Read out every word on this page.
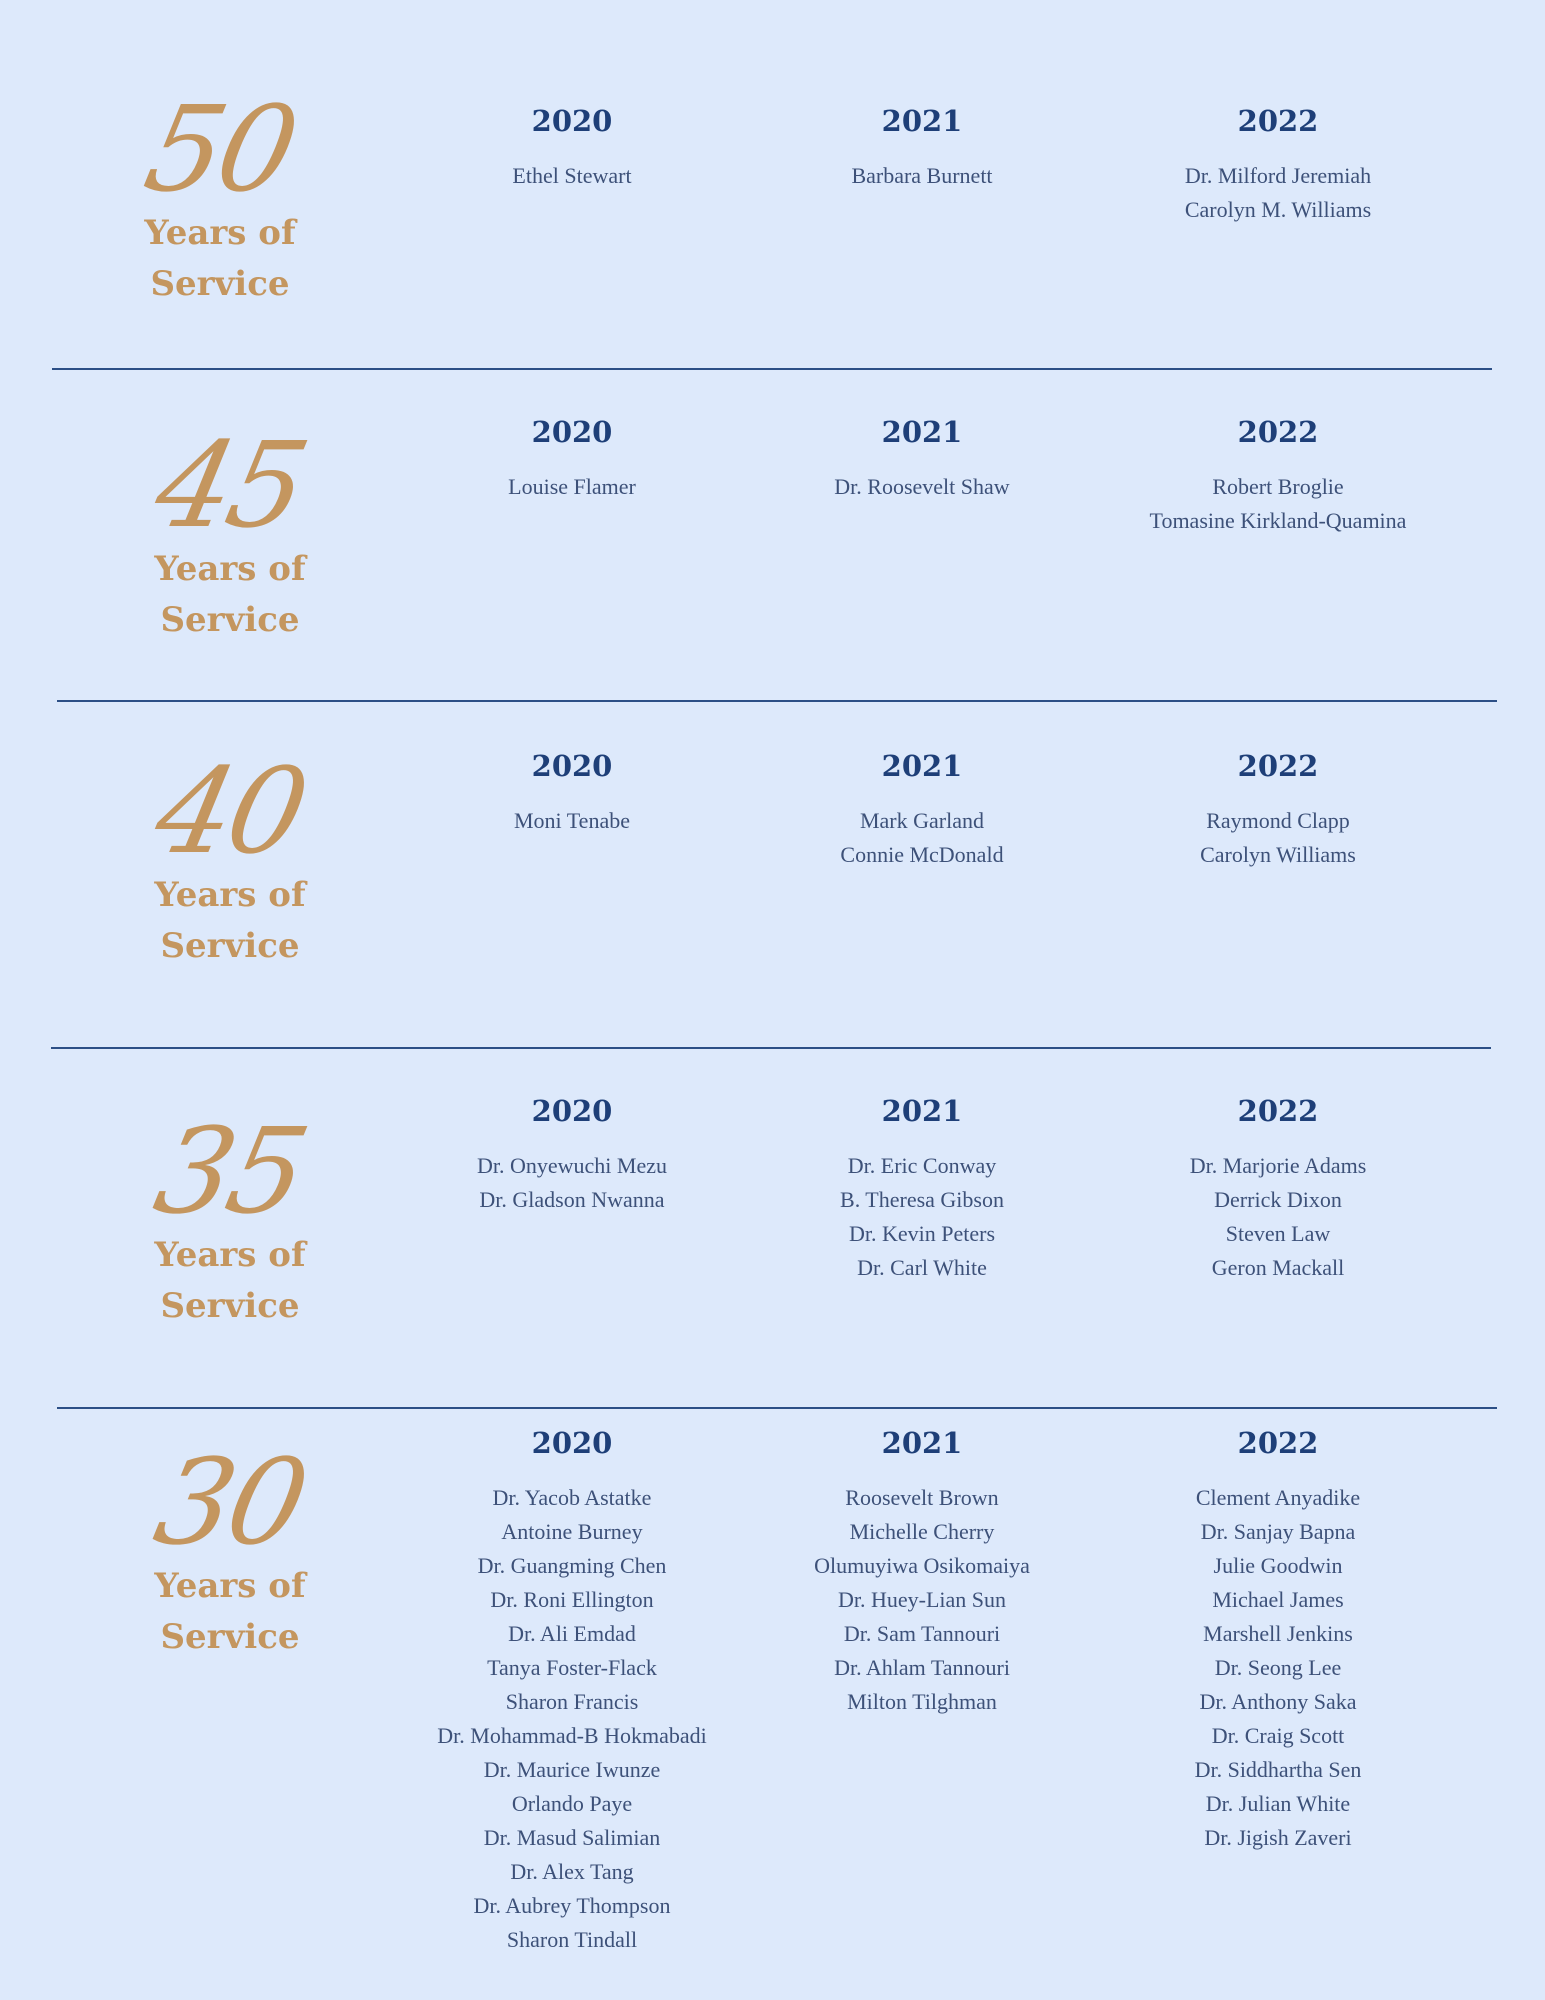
50
Years of Service
2020
Ethel Stewart
2021
Barbara Burnett
2022
Dr. Milford Jeremiah
Carolyn M. Williams
45
Years of Service
2020
Louise Flamer
2021
Dr. Roosevelt Shaw
2022
Robert Broglie
Tomasine Kirkland-Quamina
40
Years of Service
2020
Moni Tenabe
2021
Mark Garland
Connie McDonald
2022
Raymond Clapp
Carolyn Williams
35
Years of Service
2020
Dr. Onyewuchi Mezu
Dr. Gladson Nwanna
2021
Dr. Eric Conway
B. Theresa Gibson
Dr. Kevin Peters
Dr. Carl White
2022
Dr. Marjorie Adams
Derrick Dixon
Steven Law
Geron Mackall
30
Years of Service
2020
Dr. Yacob Astatke
Antoine Burney
Dr. Guangming Chen
Dr. Roni Ellington
Dr. Ali Emdad
Tanya Foster-Flack
Sharon Francis
Dr. Mohammad-B Hokmabadi
Dr. Maurice Iwunze
Orlando Paye
Dr. Masud Salimian
Dr. Alex Tang
Dr. Aubrey Thompson
Sharon Tindall
2021
Roosevelt Brown
Michelle Cherry
Olumuyiwa Osikomaiya
Dr. Huey-Lian Sun
Dr. Sam Tannouri
Dr. Ahlam Tannouri
Milton Tilghman
2022
Clement Anyadike
Dr. Sanjay Bapna
Julie Goodwin
Michael James
Marshell Jenkins
Dr. Seong Lee
Dr. Anthony Saka
Dr. Craig Scott
Dr. Siddhartha Sen
Dr. Julian White
Dr. Jigish Zaveri
